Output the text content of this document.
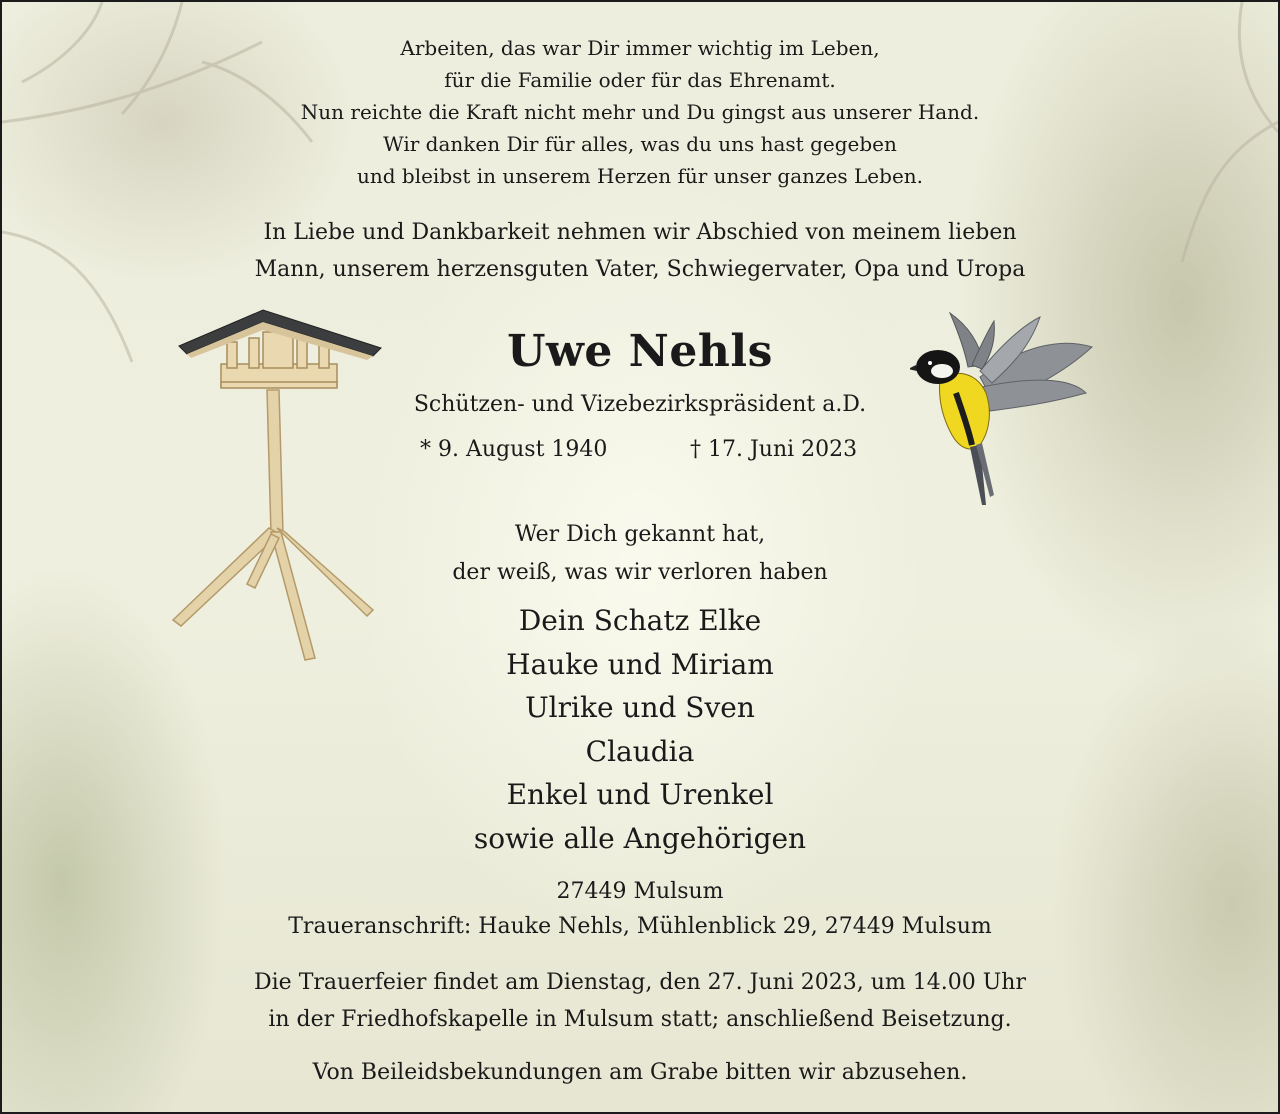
Arbeiten, das war Dir immer wichtig im Leben,
für die Familie oder für das Ehrenamt.
Nun reichte die Kraft nicht mehr und Du gingst aus unserer Hand.
Wir danken Dir für alles, was du uns hast gegeben
und bleibst in unserem Herzen für unser ganzes Leben.
In Liebe und Dankbarkeit nehmen wir Abschied von meinem lieben
Mann, unserem herzensguten Vater, Schwiegervater, Opa und Uropa
Uwe Nehls
Schützen- und Vizebezirkspräsident a.D.
* 9. August 1940	† 17. Juni 2023
Wer Dich gekannt hat,
der weiß, was wir verloren haben
Dein Schatz Elke
Hauke und Miriam
Ulrike und Sven
Claudia
Enkel und Urenkel
sowie alle Angehörigen
27449 Mulsum
Traueranschrift: Hauke Nehls, Mühlenblick 29, 27449 Mulsum
Die Trauerfeier findet am Dienstag, den 27. Juni 2023, um 14.00 Uhr
in der Friedhofskapelle in Mulsum statt; anschließend Beisetzung.
Von Beileidsbekundungen am Grabe bitten wir abzusehen.
